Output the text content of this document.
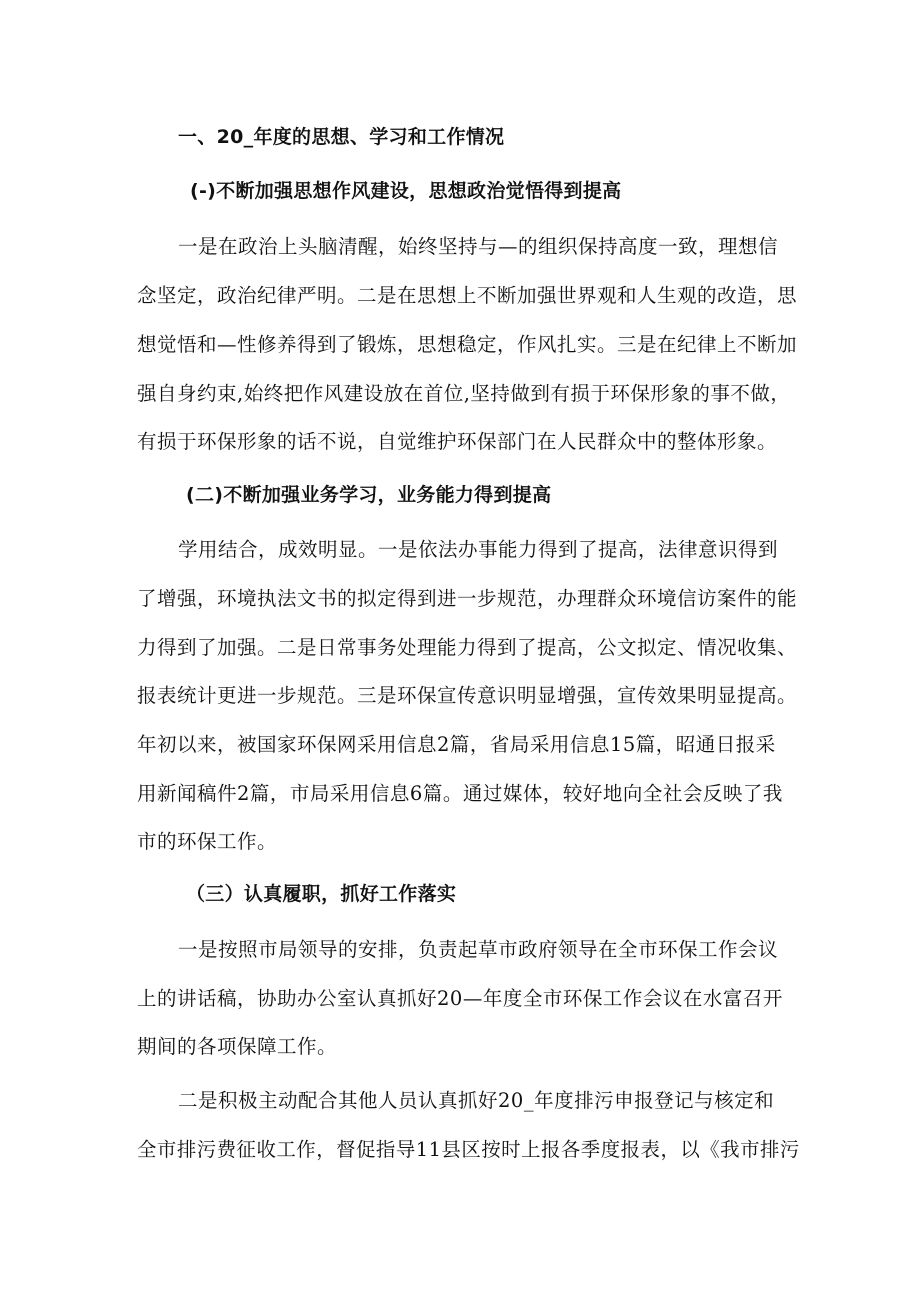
一、20_年度的思想、学习和工作情况
(-)不断加强思想作风建设，思想政治觉悟得到提高
一是在政治上头脑清醒，始终坚持与—的组织保持高度一致，理想信
念坚定，政治纪律严明。二是在思想上不断加强世界观和人生观的改造，思
想觉悟和—性修养得到了锻炼，思想稳定，作风扎实。三是在纪律上不断加
强自身约束,始终把作风建设放在首位,坚持做到有损于环保形象的事不做，
有损于环保形象的话不说，自觉维护环保部门在人民群众中的整体形象。
(二)不断加强业务学习，业务能力得到提高
学用结合，成效明显。一是依法办事能力得到了提高，法律意识得到
了增强，环境执法文书的拟定得到进一步规范，办理群众环境信访案件的能
力得到了加强。二是日常事务处理能力得到了提高，公文拟定、情况收集、
报表统计更进一步规范。三是环保宣传意识明显增强，宣传效果明显提高。
年初以来，被国家环保网采用信息2篇，省局采用信息15篇，昭通日报采
用新闻稿件2篇，市局采用信息6篇。通过媒体，较好地向全社会反映了我
市的环保工作。
（三）认真履职，抓好工作落实
一是按照市局领导的安排，负责起草市政府领导在全市环保工作会议
上的讲话稿，协助办公室认真抓好20—年度全市环保工作会议在水富召开
期间的各项保障工作。
二是积极主动配合其他人员认真抓好20_年度排污申报登记与核定和
全市排污费征收工作，督促指导11县区按时上报各季度报表，以《我市排污
